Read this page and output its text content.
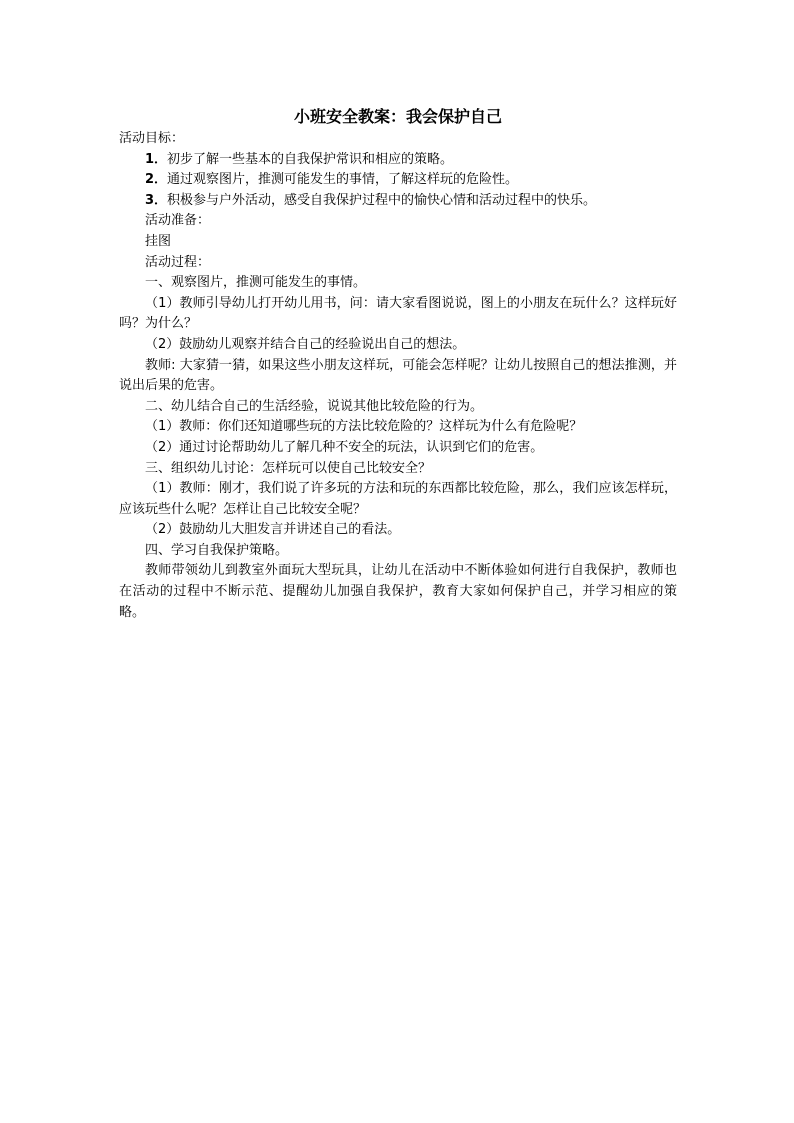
小班安全教案：我会保护自己

活动目标：

1．初步了解一些基本的自我保护常识和相应的策略。

2．通过观察图片，推测可能发生的事情，了解这样玩的危险性。

3．积极参与户外活动，感受自我保护过程中的愉快心情和活动过程中的快乐。

活动准备：

挂图

活动过程：

一、观察图片，推测可能发生的事情。

（1）教师引导幼儿打开幼儿用书，问：请大家看图说说，图上的小朋友在玩什么？这样玩好吗？为什么？

（2）鼓励幼儿观察并结合自己的经验说出自己的想法。

教师: 大家猜一猜，如果这些小朋友这样玩，可能会怎样呢？让幼儿按照自己的想法推测，并说出后果的危害。

二、幼儿结合自己的生活经验，说说其他比较危险的行为。

（1）教师：你们还知道哪些玩的方法比较危险的？这样玩为什么有危险呢？

（2）通过讨论帮助幼儿了解几种不安全的玩法，认识到它们的危害。

三、组织幼儿讨论：怎样玩可以使自己比较安全？

（1）教师：刚才，我们说了许多玩的方法和玩的东西都比较危险，那么，我们应该怎样玩，应该玩些什么呢？怎样让自己比较安全呢？

（2）鼓励幼儿大胆发言并讲述自己的看法。

四、学习自我保护策略。

教师带领幼儿到教室外面玩大型玩具，让幼儿在活动中不断体验如何进行自我保护，教师也在活动的过程中不断示范、提醒幼儿加强自我保护，教育大家如何保护自己，并学习相应的策略。
